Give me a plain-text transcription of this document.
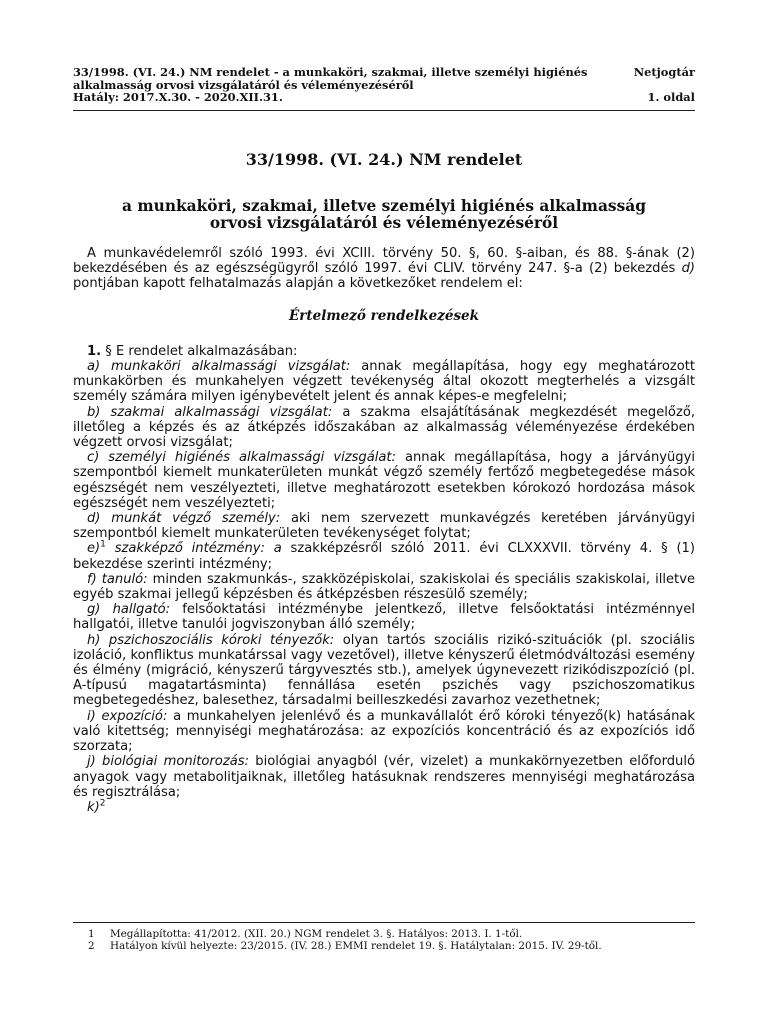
33/1998. (VI. 24.) NM rendelet - a munkaköri, szakmai, illetve személyi higiénés
alkalmasság orvosi vizsgálatáról és véleményezéséről
Hatály: 2017.X.30. - 2020.XII.31.
Netjogtár
1. oldal
33/1998. (VI. 24.) NM rendelet
a munkaköri, szakmai, illetve személyi higiénés alkalmasság
orvosi vizsgálatáról és véleményezéséről

A munkavédelemről szóló 1993. évi XCIII. törvény 50. §, 60. §-aiban, és 88. §-ának (2) bekezdésében és az egészségügyről szóló 1997. évi CLIV. törvény 247. §-a (2) bekezdés d) pontjában kapott felhatalmazás alapján a következőket rendelem el:

Értelmező rendelkezések

1. § E rendelet alkalmazásában:

a) munkaköri alkalmassági vizsgálat: annak megállapítása, hogy egy meghatározott munkakörben és munkahelyen végzett tevékenység által okozott megterhelés a vizsgált személy számára milyen igénybevételt jelent és annak képes-e megfelelni;

b) szakmai alkalmassági vizsgálat: a szakma elsajátításának megkezdését megelőző, illetőleg a képzés és az átképzés időszakában az alkalmasság véleményezése érdekében végzett orvosi vizsgálat;

c) személyi higiénés alkalmassági vizsgálat: annak megállapítása, hogy a járványügyi szempontból kiemelt munkaterületen munkát végző személy fertőző megbetegedése mások egészségét nem veszélyezteti, illetve meghatározott esetekben kórokozó hordozása mások egészségét nem veszélyezteti;

d) munkát végző személy: aki nem szervezett munkavégzés keretében járványügyi szempontból kiemelt munkaterületen tevékenységet folytat;

e)$^1$ szakképző intézmény: a szakképzésről szóló 2011. évi CLXXXVII. törvény 4. § (1) bekezdése szerinti intézmény;

f) tanuló: minden szakmunkás-, szakközépiskolai, szakiskolai és speciális szakiskolai, illetve egyéb szakmai jellegű képzésben és átképzésben részesülő személy;

g) hallgató: felsőoktatási intézménybe jelentkező, illetve felsőoktatási intézménnyel hallgatói, illetve tanulói jogviszonyban álló személy;

h) pszichoszociális kóroki tényezők: olyan tartós szociális rizikó-szituációk (pl. szociális izoláció, konfliktus munkatárssal vagy vezetővel), illetve kényszerű életmódváltozási esemény és élmény (migráció, kényszerű tárgyvesztés stb.), amelyek úgynevezett rizikódiszpozíció (pl. A-típusú magatartásminta) fennállása esetén pszichés vagy pszichoszomatikus megbetegedéshez, balesethez, társadalmi beilleszkedési zavarhoz vezethetnek;

i) expozíció: a munkahelyen jelenlévő és a munkavállalót érő kóroki tényező(k) hatásának való kitettség; mennyiségi meghatározása: az expozíciós koncentráció és az expozíciós idő szorzata;

j) biológiai monitorozás: biológiai anyagból (vér, vizelet) a munkakörnyezetben előforduló anyagok vagy metabolitjaiknak, illetőleg hatásuknak rendszeres mennyiségi meghatározása és regisztrálása;

k)$^2$

1	Megállapította: 41/2012. (XII. 20.) NGM rendelet 3. §. Hatályos: 2013. I. 1-től.
2	Hatályon kívül helyezte: 23/2015. (IV. 28.) EMMI rendelet 19. §. Hatálytalan: 2015. IV. 29-től.
